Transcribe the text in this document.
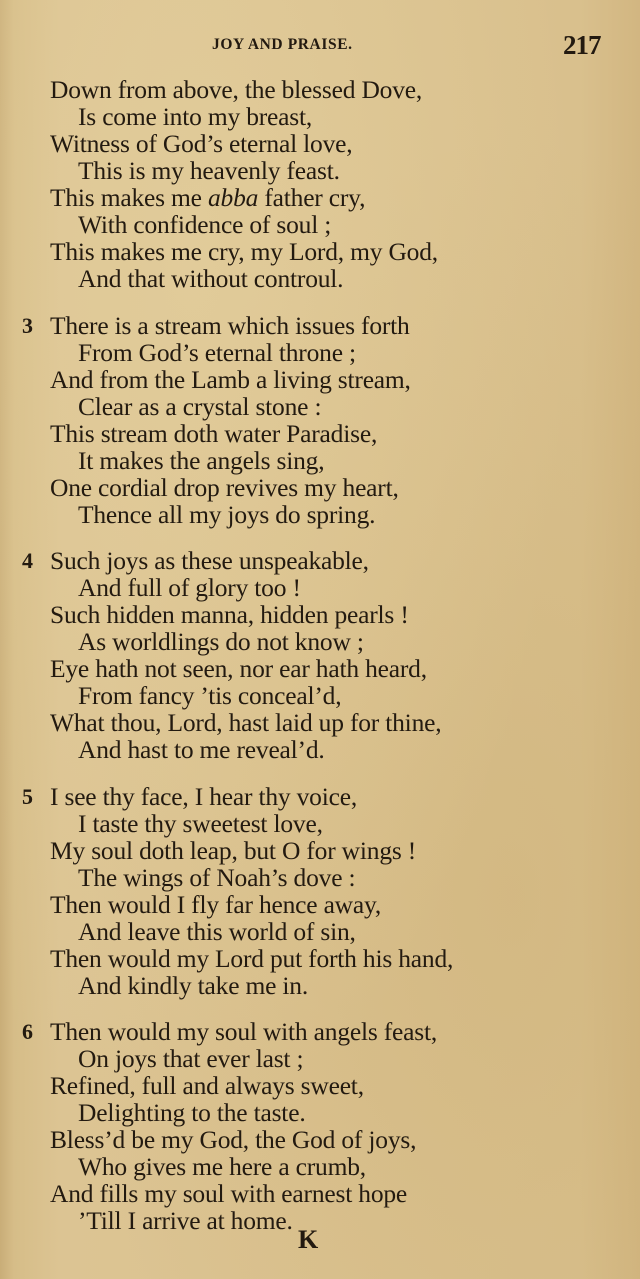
JOY AND PRAISE.	217
Down from above, the blessed Dove,
Is come into my breast,
Witness of God’s eternal love,
This is my heavenly feast.
This makes me abba father cry,
With confidence of soul ;
This makes me cry, my Lord, my God,
And that without controul.
3 There is a stream which issues forth
From God’s eternal throne ;
And from the Lamb a living stream,
Clear as a crystal stone :
This stream doth water Paradise,
It makes the angels sing,
One cordial drop revives my heart,
Thence all my joys do spring.
4 Such joys as these unspeakable,
And full of glory too !
Such hidden manna, hidden pearls !
As worldlings do not know ;
Eye hath not seen, nor ear hath heard,
From fancy ’tis conceal’d,
What thou, Lord, hast laid up for thine,
And hast to me reveal’d.
5 I see thy face, I hear thy voice,
I taste thy sweetest love,
My soul doth leap, but O for wings !
The wings of Noah’s dove :
Then would I fly far hence away,
And leave this world of sin,
Then would my Lord put forth his hand,
And kindly take me in.
6 Then would my soul with angels feast,
On joys that ever last ;
Refined, full and always sweet,
Delighting to the taste.
Bless’d be my God, the God of joys,
Who gives me here a crumb,
And fills my soul with earnest hope
’Till I arrive at home.
K
